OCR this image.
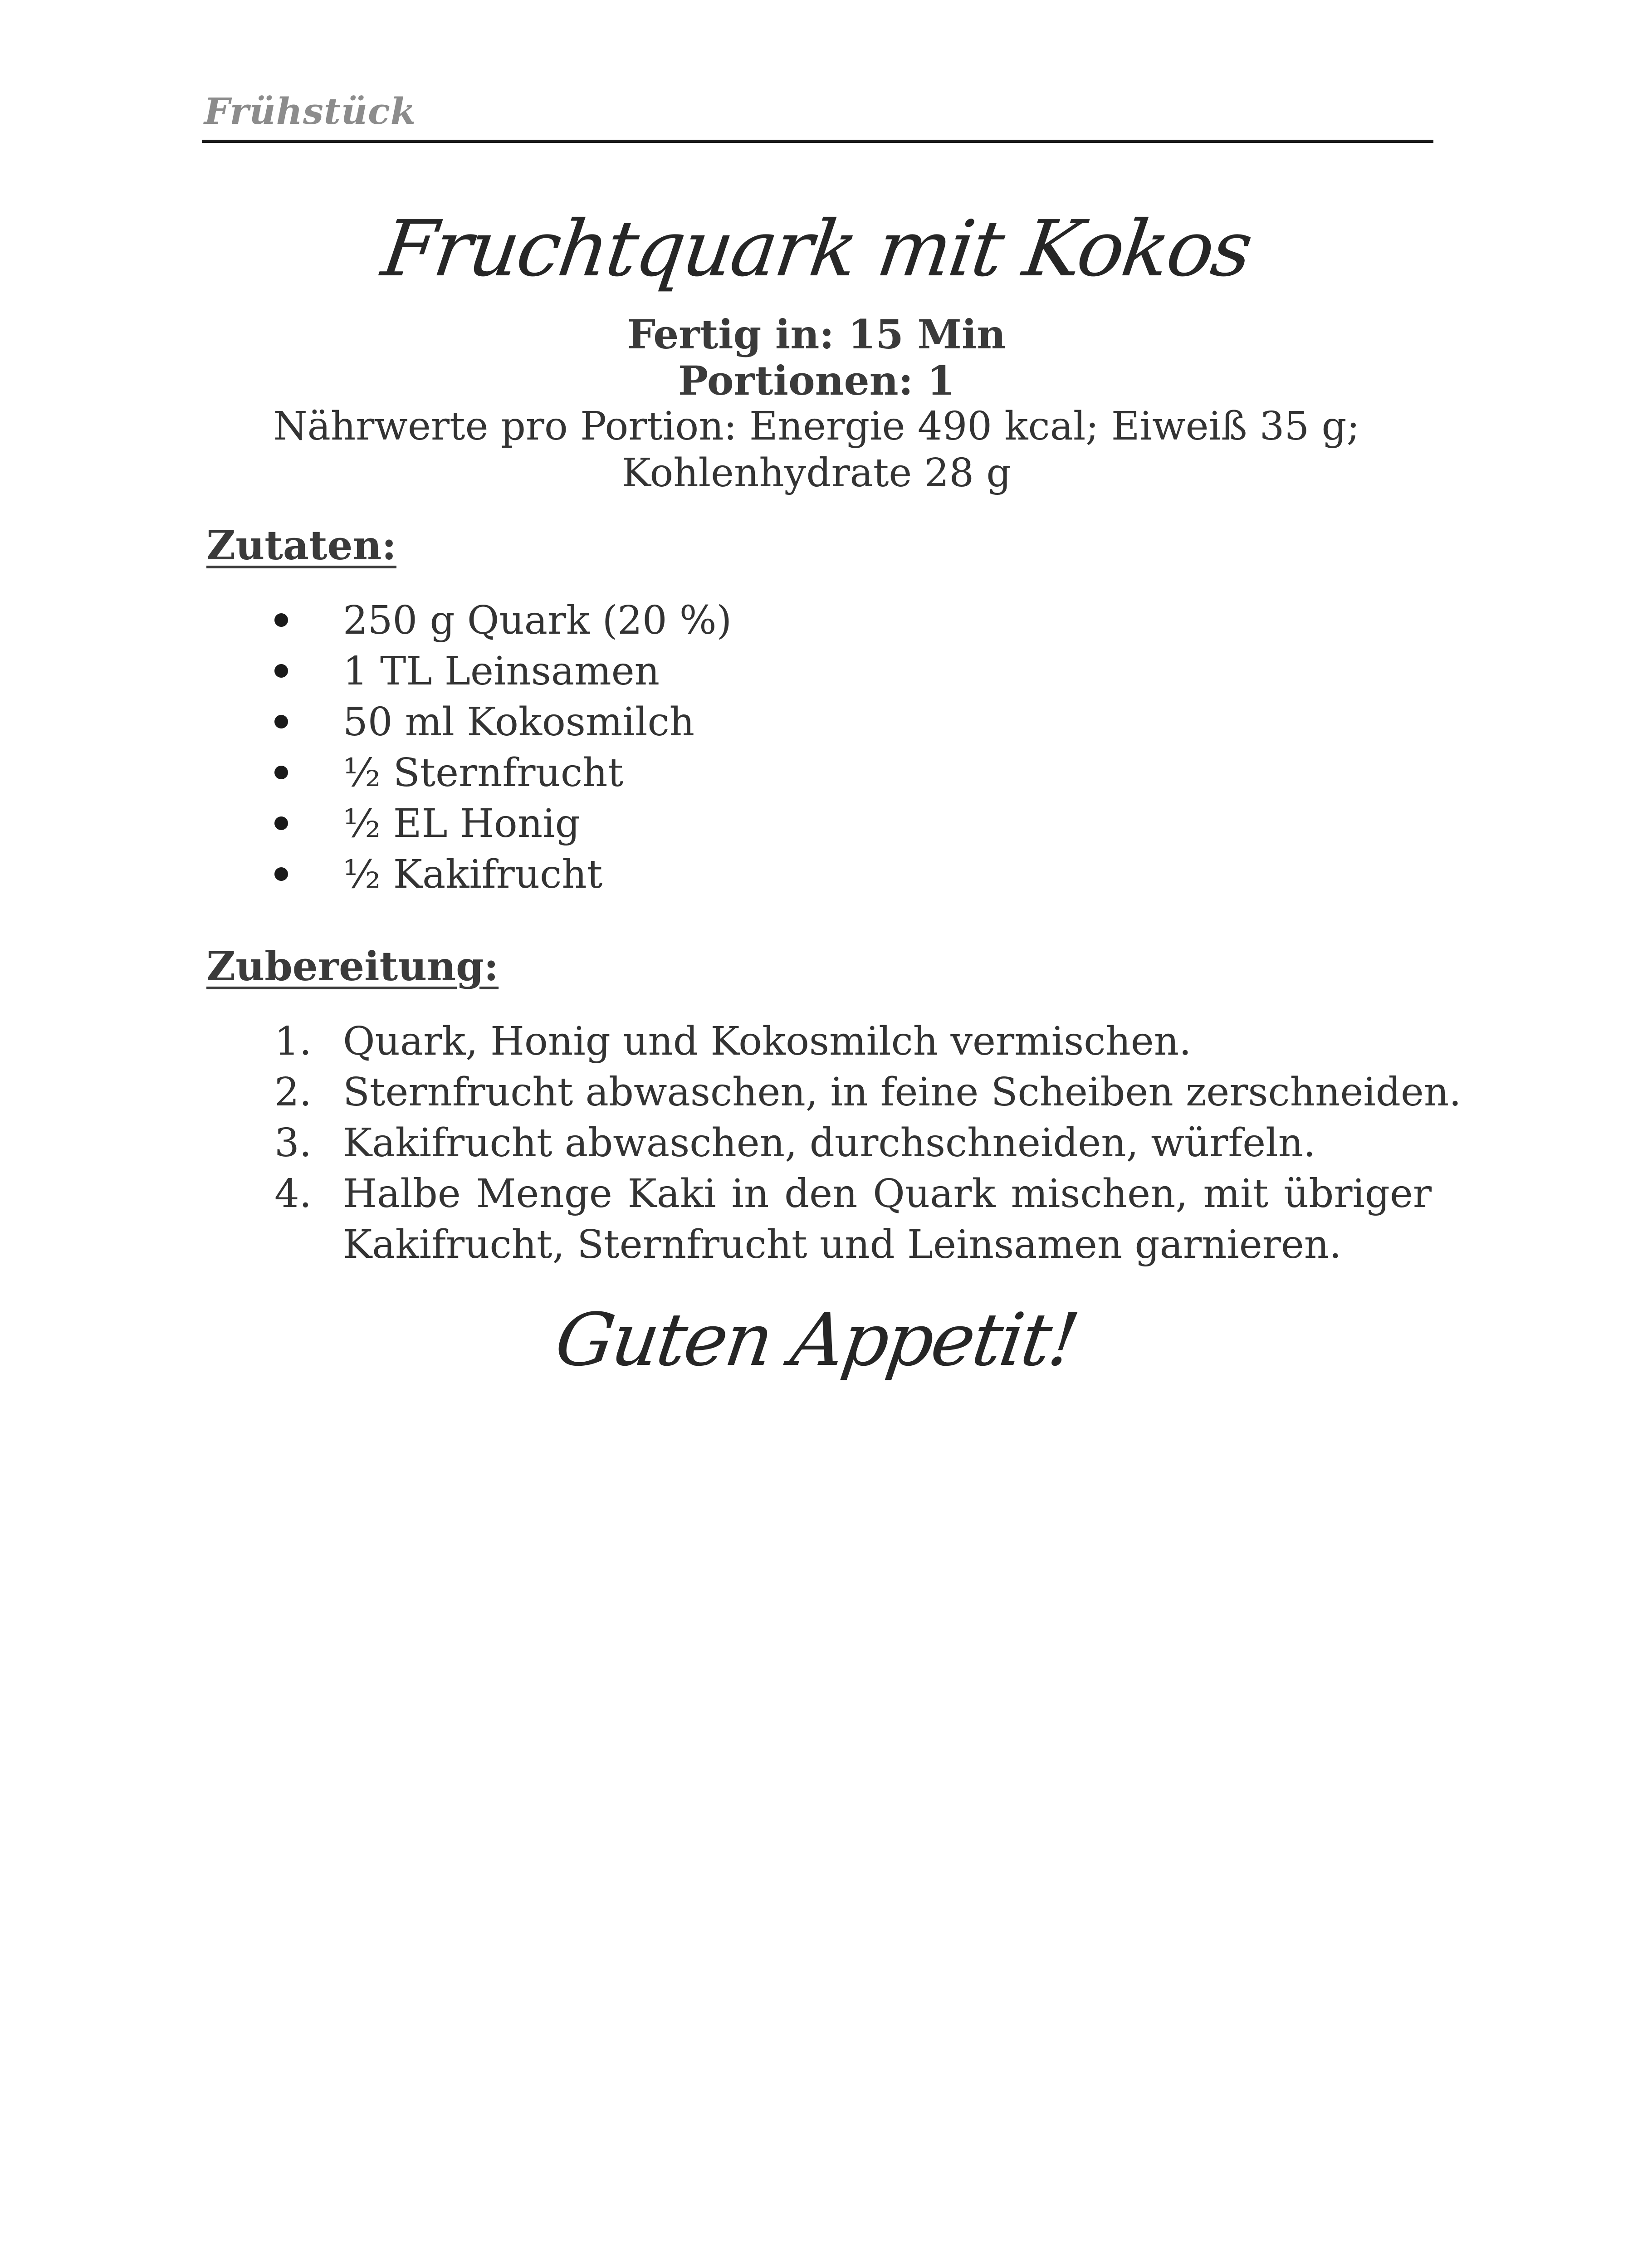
Frühstück
Fruchtquark mit Kokos
Fertig in: 15 Min
Portionen: 1
Nährwerte pro Portion: Energie 490 kcal; Eiweiß 35 g;
Kohlenhydrate 28 g
Zutaten:
250 g Quark (20 %)
1 TL Leinsamen
50 ml Kokosmilch
½ Sternfrucht
½ EL Honig
½ Kakifrucht
Zubereitung:
1. Quark, Honig und Kokosmilch vermischen.
2. Sternfrucht abwaschen, in feine Scheiben zerschneiden.
3. Kakifrucht abwaschen, durchschneiden, würfeln.
4. Halbe Menge Kaki in den Quark mischen, mit übriger
Kakifrucht, Sternfrucht und Leinsamen garnieren.
Guten Appetit!
